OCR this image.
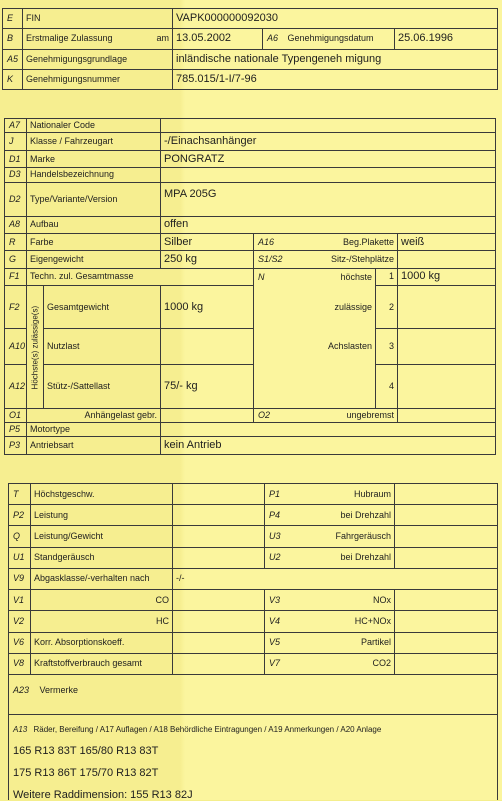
E	FIN	VAPK000000092030			
B	Erstmalige Zulassung am	13.05.2002	A6	Genehmigungsdatum	25.06.1996
A5	Genehmigungsgrundlage	inländische nationale Typengeneh migung			
K	Genehmigungsnummer	785.015/1-I/7-96			
A7	Nationaler Code						
J	Klasse / Fahrzeugart		-/Einachsanhänger				
D1	Marke		PONGRATZ				
D3	Handelsbezeichnung						
D2	Type/Variante/Version		MPA 205G				
A8	Aufbau		offen				
R	Farbe		Silber	A16	Beg.Plakette		weiß
G	Eigengewicht		250 kg	S1/S2	Sitz-/Stehplätze		
F1	Techn. zul. Gesamtmasse			N	höchste	1	1000 kg
F2	Höchste(s) zulässige(s)	Gesamtgewicht	1000 kg		zulässige	2	
A10		Nutzlast			Achslasten	3	
A12		Stütz-/Sattellast	75/- kg			4	
O1	Anhängelast gebr.			O2	ungebremst		
P5	Motortype						
P3	Antriebsart		kein Antrieb				
T	Höchstgeschw.		P1	Hubraum	
P2	Leistung		P4	bei Drehzahl	
Q	Leistung/Gewicht		U3	Fahrgeräusch	
U1	Standgeräusch		U2	bei Drehzahl	
V9	Abgasklasse/-verhalten nach	-/-			
V1	CO		V3	NOx	
V2	HC		V4	HC+NOx	
V6	Korr. Absorptionskoeff.		V5	Partikel	
V8	Kraftstoffverbrauch gesamt		V7	CO2	
A23 Vermerke
A13 Räder, Bereifung / A17 Auflagen / A18 Behördliche Eintragungen / A19 Anmerkungen / A20 Anlage
165 R13 83T 165/80 R13 83T
175 R13 86T 175/70 R13 82T
Weitere Raddimension: 155 R13 82J
